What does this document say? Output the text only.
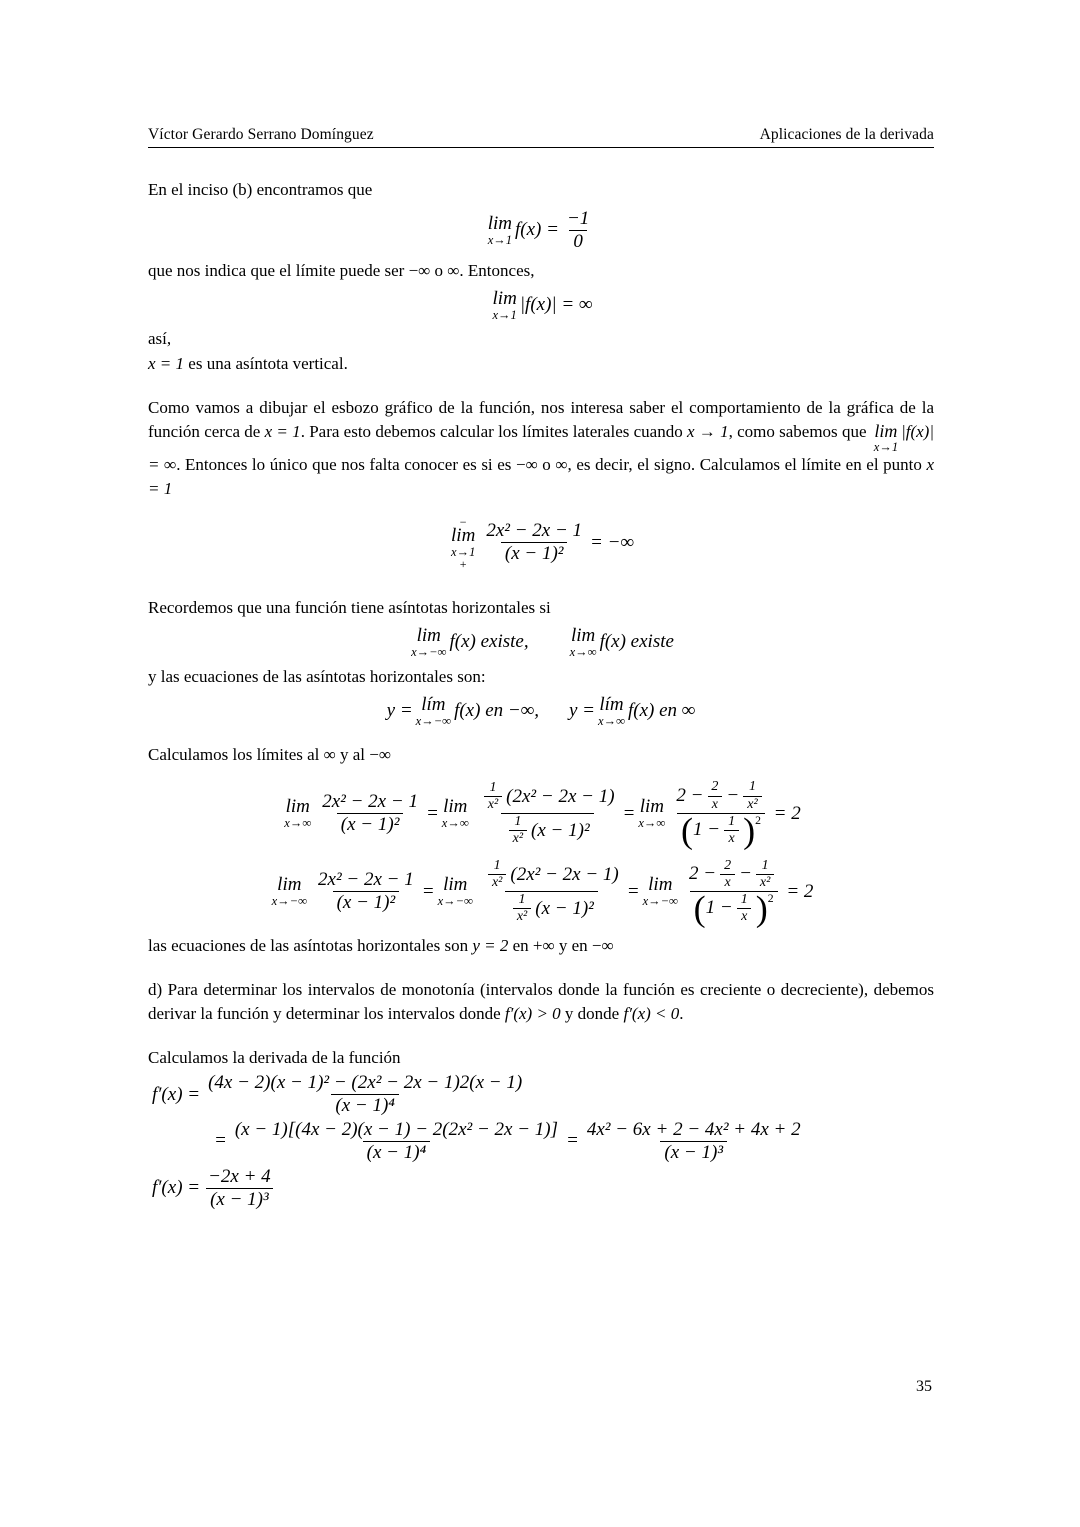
Víctor Gerardo Serrano Domínguez	Aplicaciones de la derivada

En el inciso (b) encontramos que

lim
x→1 $f(x) = \frac{-1}{0}$

que nos indica que el límite puede ser −∞ o ∞. Entonces,

lim
x→1 |f(x)| = ∞

así,

x = 1 es una asíntota vertical.

Como vamos a dibujar el esbozo gráfico de la función, nos interesa saber el comportamiento de la gráfica de la función cerca de x = 1. Para esto debemos calcular los límites laterales cuando x → 1, como sabemos que lim
x→1
|f(x)| = ∞. Entonces lo único que nos falta conocer es si es −∞ o ∞, es decir, el signo. Calculamos el límite en el punto x = 1

−
lim
x→1
+ $\frac{\text{2x² − 2x − 1}}{\text{(x − 1)²}}$ = −∞

Recordemos que una función tiene asíntotas horizontales si

lim
x→−∞ f(x) existe, lim
x→∞ f(x) existe

y las ecuaciones de las asíntotas horizontales son:

y = lím
x→−∞ f(x) en −∞, y = lím
x→∞ f(x) en ∞

Calculamos los límites al ∞ y al −∞

lim
$x\to\infty \frac{\text{2x² − 2x − 1}}{\text{(x − 1)²}} = \lim$
$x\to\infty \frac{\frac{1}{\text{x²}} (2x^2 - 2x - 1)}{\frac{1}{\text{x²}} (x - 1)^2} = \lim$
x→∞
$2 - \frac{2}{x} - \frac{1}{\text{x²}}$
( $1 - \frac{1}{x}$ ) 2 = 2
lim
$x\to-\infty \frac{\text{2x² − 2x − 1}}{\text{(x − 1)²}} = \lim$
$x\to-\infty \frac{\frac{1}{\text{x²}} (2x^2 - 2x - 1)}{\frac{1}{\text{x²}} (x - 1)^2} = \lim$
x→−∞
$2 - \frac{2}{x} - \frac{1}{\text{x²}}$
( $1 - \frac{1}{x}$ ) 2 = 2

las ecuaciones de las asíntotas horizontales son y = 2 en +∞ y en −∞

d) Para determinar los intervalos de monotonía (intervalos donde la función es creciente o decreciente), debemos derivar la función y determinar los intervalos donde f′(x) > 0 y donde f′(x) < 0.

Calculamos la derivada de la función

$f'(x) = \frac{\text{(4x − 2)(x − 1)² − (2x² − 2x − 1)2(x − 1)}}{\text{(x − 1)⁴}}$
= $\frac{\text{(x − 1)[(4x − 2)(x − 1) − 2(2x² − 2x − 1)]}}{\text{(x − 1)⁴}} = \frac{\text{4x² − 6x + 2 − 4x² + 4x + 2}}{\text{(x − 1)³}}$
$f'(x) = \frac{-2x + 4}{\text{(x − 1)³}}$
35
